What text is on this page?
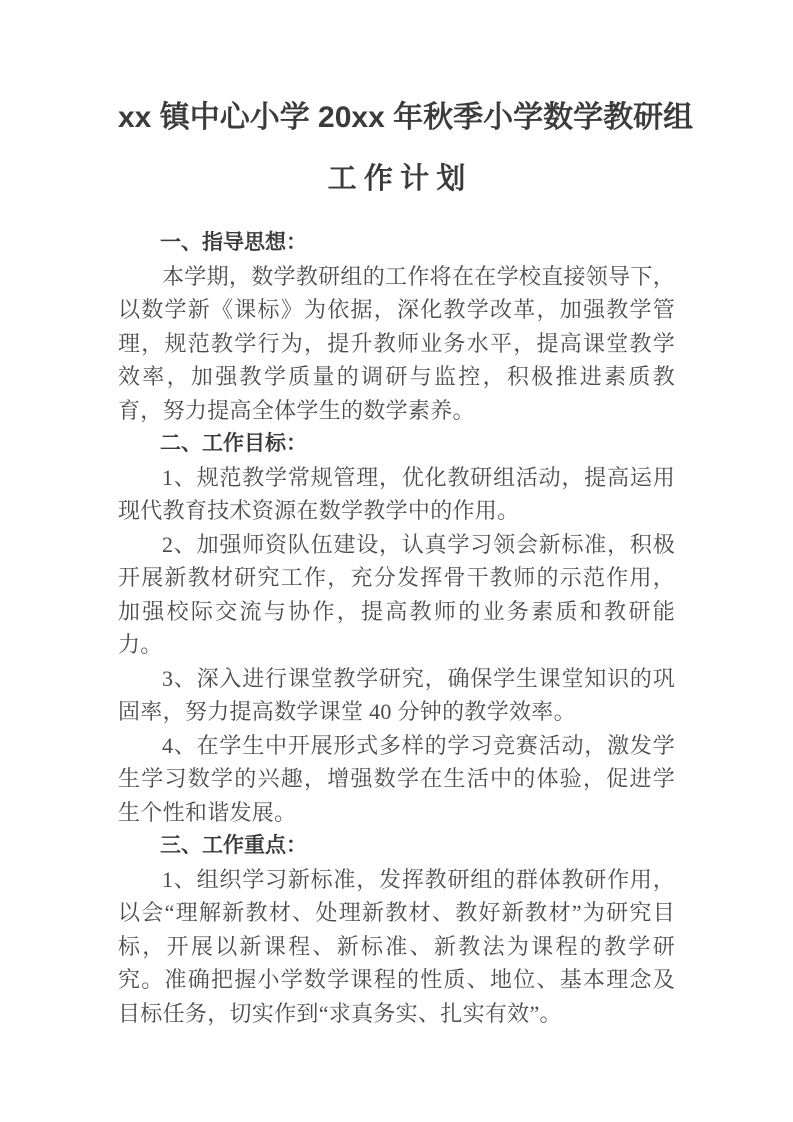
xx 镇中心小学 20xx 年秋季小学数学教研组
工 作 计 划
一、指导思想：

本学期，数学教研组的工作将在在学校直接领导下，以数学新《课标》为依据，深化教学改革，加强教学管理，规范教学行为，提升教师业务水平，提高课堂教学效率，加强教学质量的调研与监控，积极推进素质教育，努力提高全体学生的数学素养。

二、工作目标：

1、规范教学常规管理，优化教研组活动，提高运用现代教育技术资源在数学教学中的作用。

2、加强师资队伍建设，认真学习领会新标准，积极开展新教材研究工作，充分发挥骨干教师的示范作用，加强校际交流与协作，提高教师的业务素质和教研能力。

3、深入进行课堂教学研究，确保学生课堂知识的巩固率，努力提高数学课堂 40 分钟的教学效率。

4、在学生中开展形式多样的学习竞赛活动，激发学生学习数学的兴趣，增强数学在生活中的体验，促进学生个性和谐发展。

三、工作重点：

1、组织学习新标准，发挥教研组的群体教研作用，以会“理解新教材、处理新教材、教好新教材”为研究目标，开展以新课程、新标准、新教法为课程的教学研究。准确把握小学数学课程的性质、地位、基本理念及目标任务，切实作到“求真务实、扎实有效”。
